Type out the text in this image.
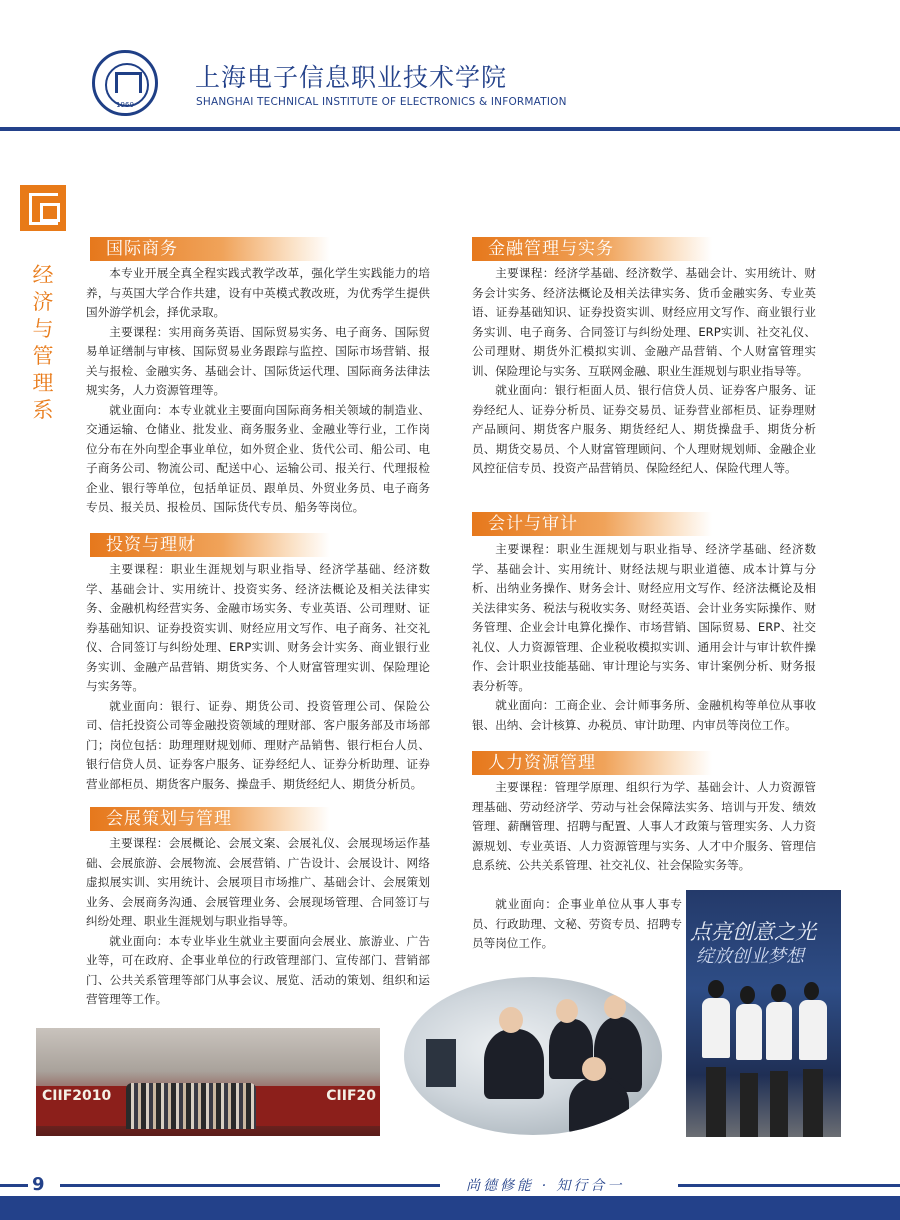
1960
上海电子信息职业技术学院
SHANGHAI TECHNICAL INSTITUTE OF ELECTRONICS & INFORMATION
经济与管理系
国际商务

本专业开展全真全程实践式教学改革，强化学生实践能力的培养，与英国大学合作共建，设有中英模式教改班，为优秀学生提供国外游学机会，择优录取。

主要课程：实用商务英语、国际贸易实务、电子商务、国际贸易单证缮制与审核、国际贸易业务跟踪与监控、国际市场营销、报关与报检、金融实务、基础会计、国际货运代理、国际商务法律法规实务，人力资源管理等。

就业面向：本专业就业主要面向国际商务相关领域的制造业、交通运输、仓储业、批发业、商务服务业、金融业等行业，工作岗位分布在外向型企事业单位，如外贸企业、货代公司、船公司、电子商务公司、物流公司、配送中心、运输公司、报关行、代理报检企业、银行等单位，包括单证员、跟单员、外贸业务员、电子商务专员、报关员、报检员、国际货代专员、船务等岗位。

投资与理财

主要课程：职业生涯规划与职业指导、经济学基础、经济数学、基础会计、实用统计、投资实务、经济法概论及相关法律实务、金融机构经营实务、金融市场实务、专业英语、公司理财、证券基础知识、证券投资实训、财经应用文写作、电子商务、社交礼仪、合同签订与纠纷处理、ERP实训、财务会计实务、商业银行业务实训、金融产品营销、期货实务、个人财富管理实训、保险理论与实务等。

就业面向：银行、证券、期货公司、投资管理公司、保险公司、信托投资公司等金融投资领域的理财部、客户服务部及市场部门；岗位包括：助理理财规划师、理财产品销售、银行柜台人员、银行信贷人员、证券客户服务、证券经纪人、证券分析助理、证券营业部柜员、期货客户服务、操盘手、期货经纪人、期货分析员。

会展策划与管理

主要课程：会展概论、会展文案、会展礼仪、会展现场运作基础、会展旅游、会展物流、会展营销、广告设计、会展设计、网络虚拟展实训、实用统计、会展项目市场推广、基础会计、会展策划业务、会展商务沟通、会展管理业务、会展现场管理、合同签订与纠纷处理、职业生涯规划与职业指导等。

就业面向：本专业毕业生就业主要面向会展业、旅游业、广告业等，可在政府、企事业单位的行政管理部门、宣传部门、营销部门、公共关系管理等部门从事会议、展览、活动的策划、组织和运营管理等工作。

金融管理与实务

主要课程：经济学基础、经济数学、基础会计、实用统计、财务会计实务、经济法概论及相关法律实务、货币金融实务、专业英语、证券基础知识、证券投资实训、财经应用文写作、商业银行业务实训、电子商务、合同签订与纠纷处理、ERP实训、社交礼仪、公司理财、期货外汇模拟实训、金融产品营销、个人财富管理实训、保险理论与实务、互联网金融、职业生涯规划与职业指导等。

就业面向：银行柜面人员、银行信贷人员、证券客户服务、证券经纪人、证券分析员、证券交易员、证券营业部柜员、证券理财产品顾问、期货客户服务、期货经纪人、期货操盘手、期货分析员、期货交易员、个人财富管理顾问、个人理财规划师、金融企业风控征信专员、投资产品营销员、保险经纪人、保险代理人等。

会计与审计

主要课程：职业生涯规划与职业指导、经济学基础、经济数学、基础会计、实用统计、财经法规与职业道德、成本计算与分析、出纳业务操作、财务会计、财经应用文写作、经济法概论及相关法律实务、税法与税收实务、财经英语、会计业务实际操作、财务管理、企业会计电算化操作、市场营销、国际贸易、ERP、社交礼仪、人力资源管理、企业税收模拟实训、通用会计与审计软件操作、会计职业技能基础、审计理论与实务、审计案例分析、财务报表分析等。

就业面向：工商企业、会计师事务所、金融机构等单位从事收银、出纳、会计核算、办税员、审计助理、内审员等岗位工作。

人力资源管理

主要课程：管理学原理、组织行为学、基础会计、人力资源管理基础、劳动经济学、劳动与社会保障法实务、培训与开发、绩效管理、薪酬管理、招聘与配置、人事人才政策与管理实务、人力资源规划、专业英语、人力资源管理与实务、人才中介服务、管理信息系统、公共关系管理、社交礼仪、社会保险实务等。

就业面向：企事业单位从事人事专员、行政助理、文秘、劳资专员、招聘专员等岗位工作。

CIIF2010	CIIF20
点亮创意之光
绽放创业梦想
9	尚德修能 · 知行合一
